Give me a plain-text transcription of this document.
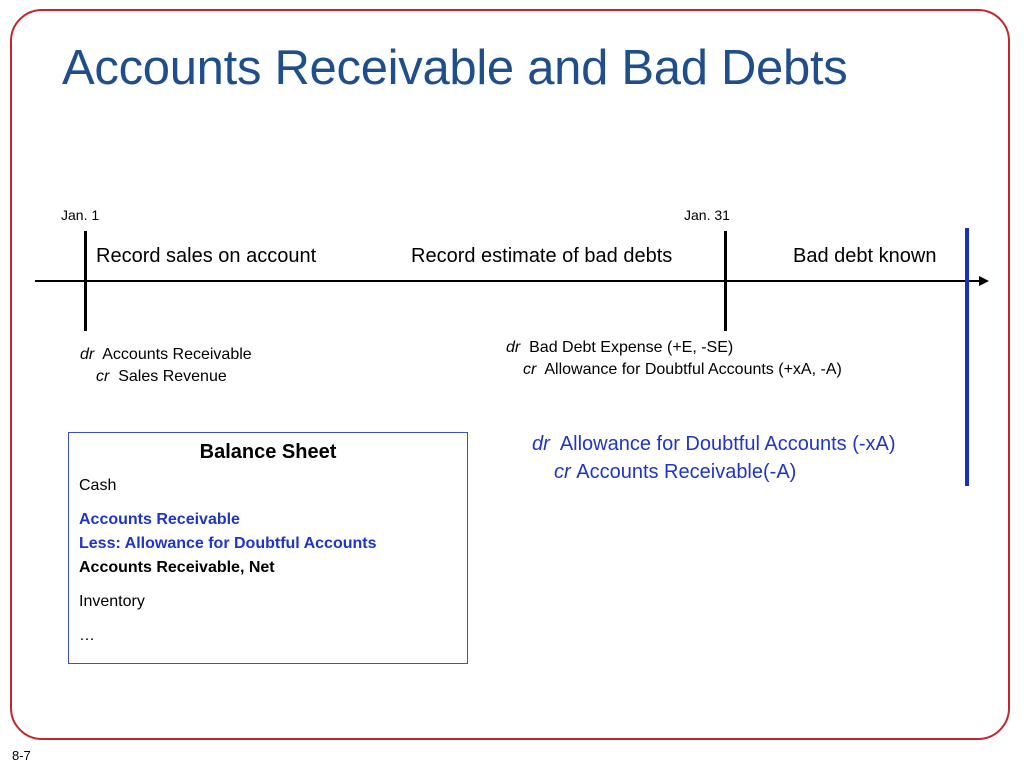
Accounts Receivable and Bad Debts
Jan. 1	Jan. 31
Record sales on account	Record estimate of bad debts	Bad debt known
dr Accounts Receivable
cr Sales Revenue
dr Bad Debt Expense (+E, -SE)
cr Allowance for Doubtful Accounts (+xA, -A)
dr Allowance for Doubtful Accounts (-xA)
cr Accounts Receivable(-A)
Balance Sheet
Cash
Accounts Receivable
Less: Allowance for Doubtful Accounts
Accounts Receivable, Net
Inventory
…
8-7
